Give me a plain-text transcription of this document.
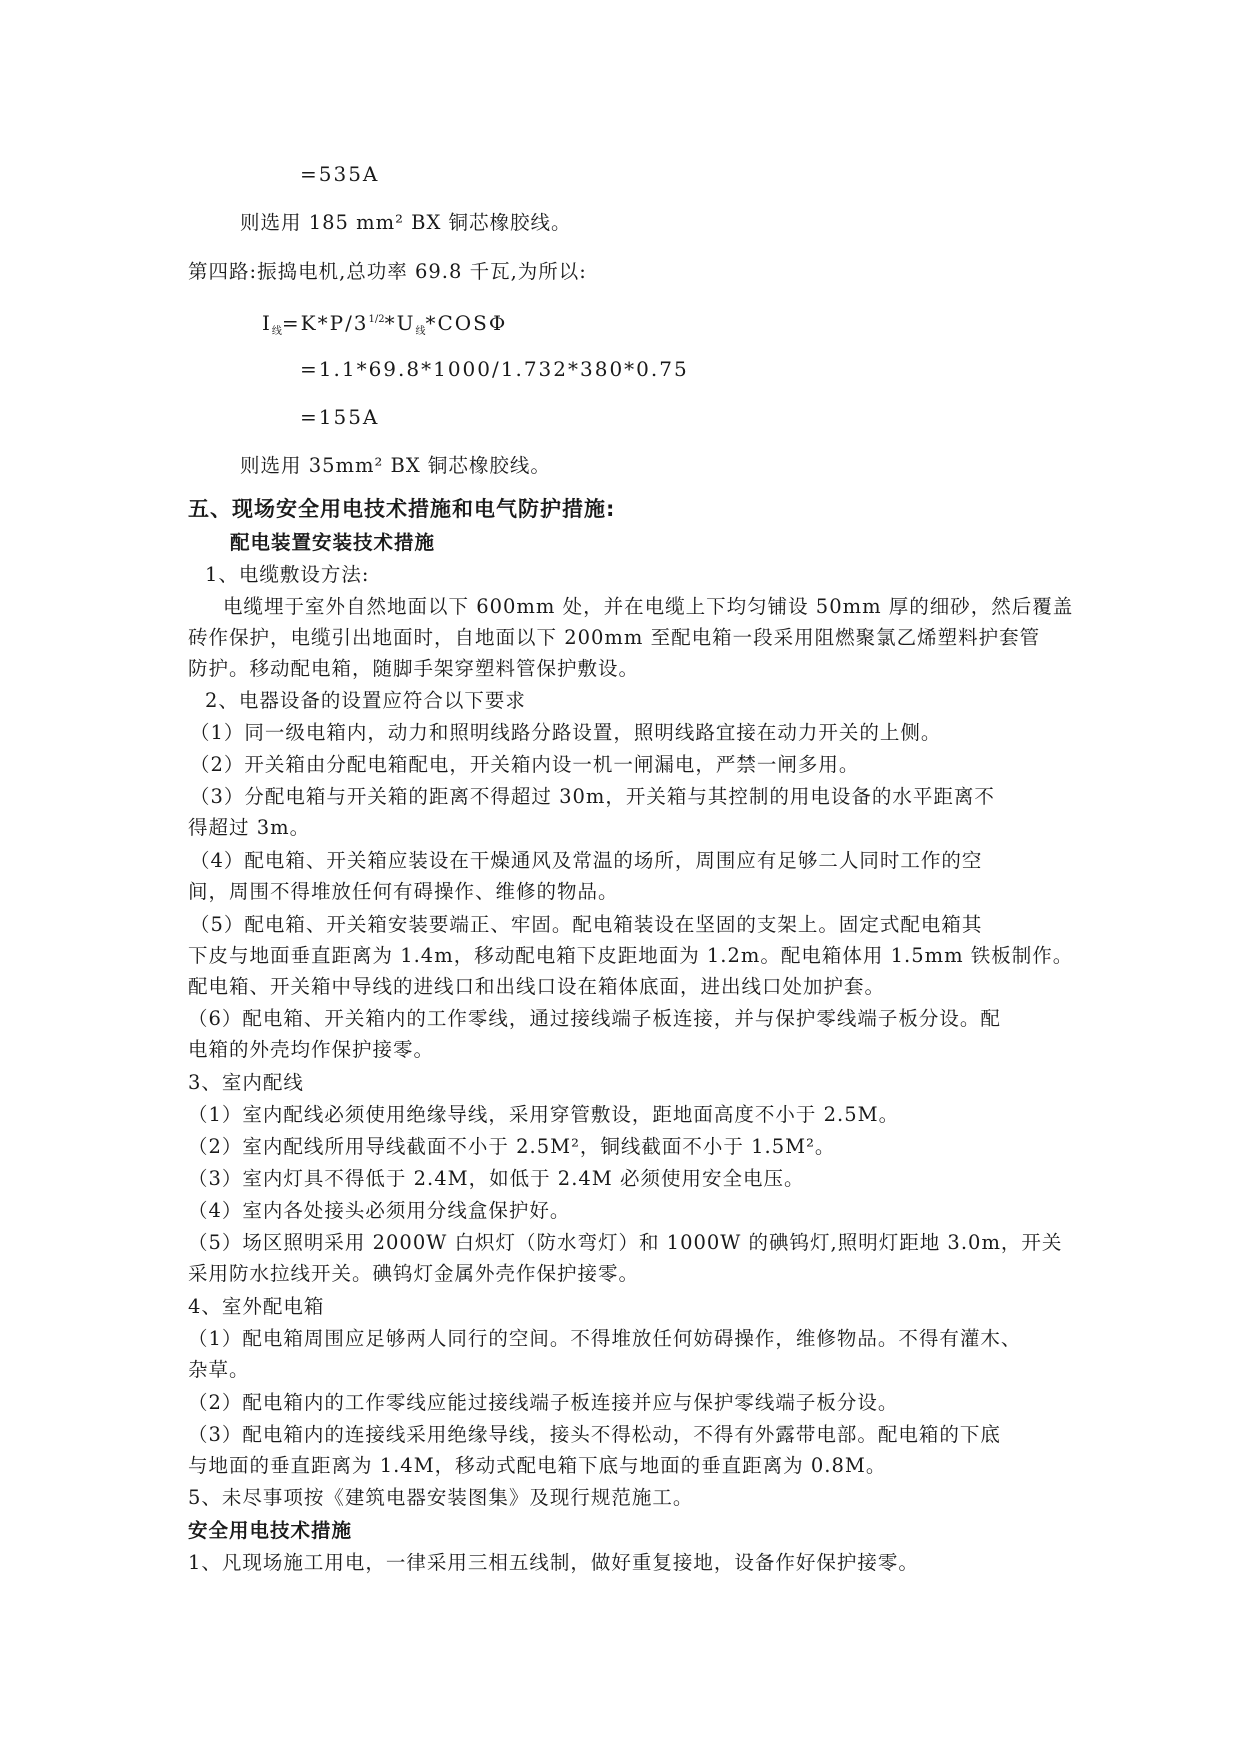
=535A
则选用 185 mm² BX 铜芯橡胶线。
第四路:振捣电机,总功率 69.8 千瓦,为所以:
$I_线=K*P/3^{1/2}*U_线*COS\Phi$
=1.1*69.8*1000/1.732*380*0.75
=155A
则选用 35mm² BX 铜芯橡胶线。
五、现场安全用电技术措施和电气防护措施:
配电装置安装技术措施
1、电缆敷设方法:
电缆埋于室外自然地面以下 600mm 处，并在电缆上下均匀铺设 50mm 厚的细砂，然后覆盖
砖作保护，电缆引出地面时，自地面以下 200mm 至配电箱一段采用阻燃聚氯乙烯塑料护套管
防护。移动配电箱，随脚手架穿塑料管保护敷设。
2、电器设备的设置应符合以下要求
（1）同一级电箱内，动力和照明线路分路设置，照明线路宜接在动力开关的上侧。
（2）开关箱由分配电箱配电，开关箱内设一机一闸漏电，严禁一闸多用。
（3）分配电箱与开关箱的距离不得超过 30m，开关箱与其控制的用电设备的水平距离不
得超过 3m。
（4）配电箱、开关箱应装设在干燥通风及常温的场所，周围应有足够二人同时工作的空
间，周围不得堆放任何有碍操作、维修的物品。
（5）配电箱、开关箱安装要端正、牢固。配电箱装设在坚固的支架上。固定式配电箱其
下皮与地面垂直距离为 1.4m，移动配电箱下皮距地面为 1.2m。配电箱体用 1.5mm 铁板制作。
配电箱、开关箱中导线的进线口和出线口设在箱体底面，进出线口处加护套。
（6）配电箱、开关箱内的工作零线，通过接线端子板连接，并与保护零线端子板分设。配
电箱的外壳均作保护接零。
3、室内配线
（1）室内配线必须使用绝缘导线，采用穿管敷设，距地面高度不小于 2.5M。
（2）室内配线所用导线截面不小于 2.5M²，铜线截面不小于 1.5M²。
（3）室内灯具不得低于 2.4M，如低于 2.4M 必须使用安全电压。
（4）室内各处接头必须用分线盒保护好。
（5）场区照明采用 2000W 白炽灯（防水弯灯）和 1000W 的碘钨灯,照明灯距地 3.0m，开关
采用防水拉线开关。碘钨灯金属外壳作保护接零。
4、室外配电箱
（1）配电箱周围应足够两人同行的空间。不得堆放任何妨碍操作，维修物品。不得有灌木、
杂草。
（2）配电箱内的工作零线应能过接线端子板连接并应与保护零线端子板分设。
（3）配电箱内的连接线采用绝缘导线，接头不得松动，不得有外露带电部。配电箱的下底
与地面的垂直距离为 1.4M，移动式配电箱下底与地面的垂直距离为 0.8M。
5、未尽事项按《建筑电器安装图集》及现行规范施工。
安全用电技术措施
1、凡现场施工用电，一律采用三相五线制，做好重复接地，设备作好保护接零。
